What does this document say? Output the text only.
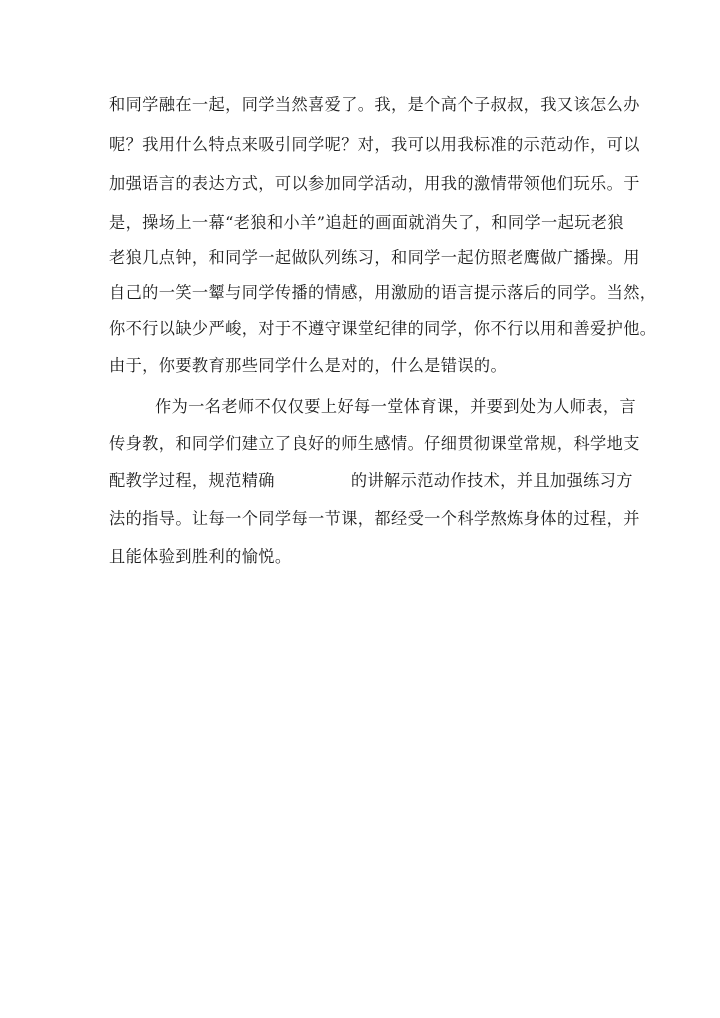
和同学融在一起，同学当然喜爱了。我，是个高个子叔叔，我又该怎么办
呢？我用什么特点来吸引同学呢？对，我可以用我标准的示范动作，可以
加强语言的表达方式，可以参加同学活动，用我的激情带领他们玩乐。于
是，操场上一幕“老狼和小羊”追赶的画面就消失了，和同学一起玩老狼
老狼几点钟，和同学一起做队列练习，和同学一起仿照老鹰做广播操。用
自己的一笑一颦与同学传播的情感，用激励的语言提示落后的同学。当然，
你不行以缺少严峻，对于不遵守课堂纪律的同学，你不行以用和善爱护他。
由于，你要教育那些同学什么是对的，什么是错误的。
作为一名老师不仅仅要上好每一堂体育课，并要到处为人师表，言
传身教，和同学们建立了良好的师生感情。仔细贯彻课堂常规，科学地支
配教学过程，规范精确	的讲解示范动作技术，并且加强练习方
法的指导。让每一个同学每一节课，都经受一个科学熬炼身体的过程，并
且能体验到胜利的愉悦。
